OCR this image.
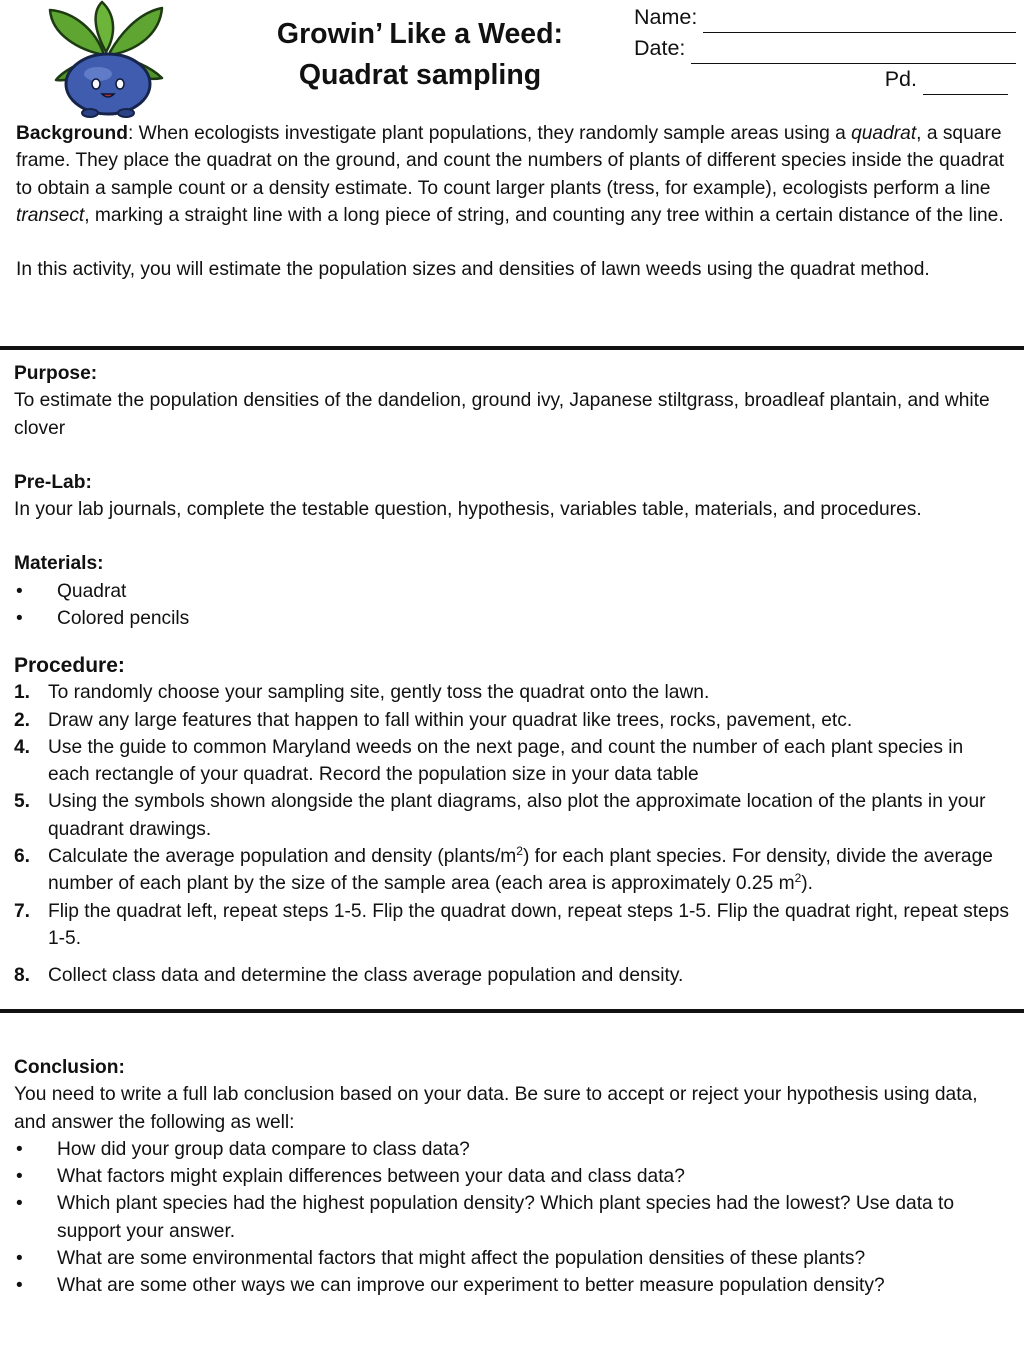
Growin’ Like a Weed:
Quadrat sampling
Name:
Date:
Pd.

Background: When ecologists investigate plant populations, they randomly sample areas using a quadrat, a square frame. They place the quadrat on the ground, and count the numbers of plants of different species inside the quadrat to obtain a sample count or a density estimate. To count larger plants (tress, for example), ecologists perform a line transect, marking a straight line with a long piece of string, and counting any tree within a certain distance of the line.

In this activity, you will estimate the population sizes and densities of lawn weeds using the quadrat method.

Purpose:
To estimate the population densities of the dandelion, ground ivy, Japanese stiltgrass, broadleaf plantain, and white clover
Pre-Lab:
In your lab journals, complete the testable question, hypothesis, variables table, materials, and procedures.
Materials:
• Quadrat
• Colored pencils
Procedure:
1. To randomly choose your sampling site, gently toss the quadrat onto the lawn.
2. Draw any large features that happen to fall within your quadrat like trees, rocks, pavement, etc.
4. Use the guide to common Maryland weeds on the next page, and count the number of each plant species in each rectangle of your quadrat. Record the population size in your data table
5. Using the symbols shown alongside the plant diagrams, also plot the approximate location of the plants in your quadrant drawings.
6. Calculate the average population and density $(plants/m^2)$ for each plant species. For density, divide the average number of each plant by the size of the sample area (each area is approximately 0.25 $m^2$).
7. Flip the quadrat left, repeat steps 1-5. Flip the quadrat down, repeat steps 1-5. Flip the quadrat right, repeat steps 1-5.
8. Collect class data and determine the class average population and density.
Conclusion:
You need to write a full lab conclusion based on your data. Be sure to accept or reject your hypothesis using data, and answer the following as well:
• How did your group data compare to class data?
• What factors might explain differences between your data and class data?
• Which plant species had the highest population density? Which plant species had the lowest? Use data to support your answer.
• What are some environmental factors that might affect the population densities of these plants?
• What are some other ways we can improve our experiment to better measure population density?
